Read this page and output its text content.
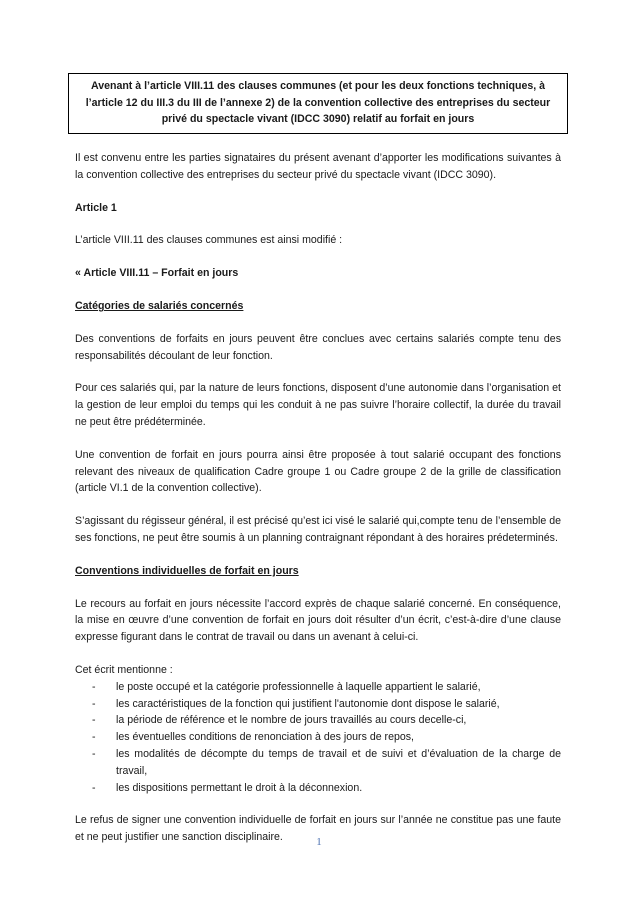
Avenant à l’article VIII.11 des clauses communes (et pour les deux fonctions techniques, à l’article 12 du III.3 du III de l’annexe 2) de la convention collective des entreprises du secteur privé du spectacle vivant (IDCC 3090) relatif au forfait en jours

Il est convenu entre les parties signataires du présent avenant d’apporter les modifications suivantes à la convention collective des entreprises du secteur privé du spectacle vivant (IDCC 3090).

Article 1

L’article VIII.11 des clauses communes est ainsi modifié :

« Article VIII.11 – Forfait en jours

Catégories de salariés concernés

Des conventions de forfaits en jours peuvent être conclues avec certains salariés compte tenu des responsabilités découlant de leur fonction.

Pour ces salariés qui, par la nature de leurs fonctions, disposent d’une autonomie dans l’organisation et la gestion de leur emploi du temps qui les conduit à ne pas suivre l’horaire collectif, la durée du travail ne peut être prédéterminée.

Une convention de forfait en jours pourra ainsi être proposée à tout salarié occupant des fonctions relevant des niveaux de qualification Cadre groupe 1 ou Cadre groupe 2 de la grille de classification (article VI.1 de la convention collective).

S’agissant du régisseur général, il est précisé qu’est ici visé le salarié qui,compte tenu de l’ensemble de ses fonctions, ne peut être soumis à un planning contraignant répondant à des horaires prédeterminés.

Conventions individuelles de forfait en jours

Le recours au forfait en jours nécessite l’accord exprès de chaque salarié concerné. En conséquence, la mise en œuvre d’une convention de forfait en jours doit résulter d’un écrit, c’est-à-dire d’une clause expresse figurant dans le contrat de travail ou dans un avenant à celui-ci.

Cet écrit mentionne :

- le poste occupé et la catégorie professionnelle à laquelle appartient le salarié,
- les caractéristiques de la fonction qui justifient l'autonomie dont dispose le salarié,
- la période de référence et le nombre de jours travaillés au cours decelle-ci,
- les éventuelles conditions de renonciation à des jours de repos,
- les modalités de décompte du temps de travail et de suivi et d’évaluation de la charge de travail,
- les dispositions permettant le droit à la déconnexion.

Le refus de signer une convention individuelle de forfait en jours sur l’année ne constitue pas une faute et ne peut justifier une sanction disciplinaire.	1
